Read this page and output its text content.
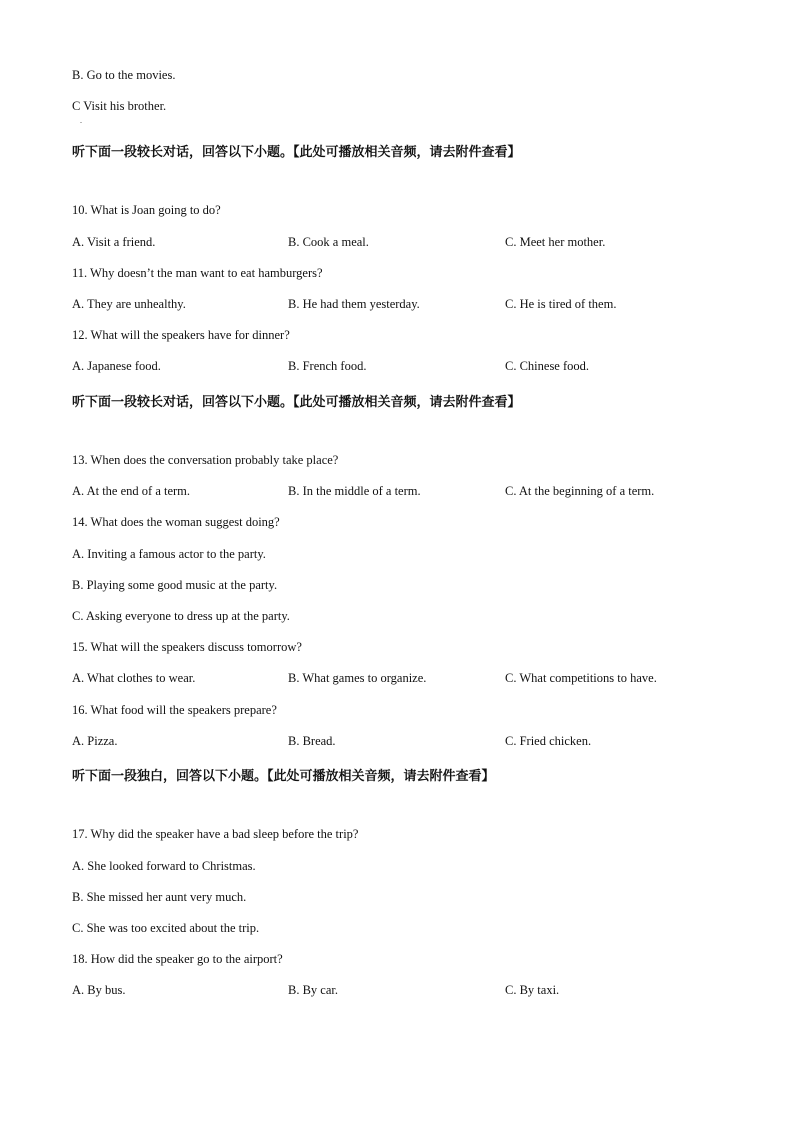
B. Go to the movies.
C Visit his brother.
.
听下面一段较长对话，回答以下小题。【此处可播放相关音频，请去附件查看】
10. What is Joan going to do?
A. Visit a friend.	B. Cook a meal.	C. Meet her mother.
11. Why doesn’t the man want to eat hamburgers?
A. They are unhealthy.	B. He had them yesterday.	C. He is tired of them.
12. What will the speakers have for dinner?
A. Japanese food.	B. French food.	C. Chinese food.
听下面一段较长对话，回答以下小题。【此处可播放相关音频，请去附件查看】
13. When does the conversation probably take place?
A. At the end of a term.	B. In the middle of a term.	C. At the beginning of a term.
14. What does the woman suggest doing?
A. Inviting a famous actor to the party.
B. Playing some good music at the party.
C. Asking everyone to dress up at the party.
15. What will the speakers discuss tomorrow?
A. What clothes to wear.	B. What games to organize.	C. What competitions to have.
16. What food will the speakers prepare?
A. Pizza.	B. Bread.	C. Fried chicken.
听下面一段独白，回答以下小题。【此处可播放相关音频，请去附件查看】
17. Why did the speaker have a bad sleep before the trip?
A. She looked forward to Christmas.
B. She missed her aunt very much.
C. She was too excited about the trip.
18. How did the speaker go to the airport?
A. By bus.	B. By car.	C. By taxi.
